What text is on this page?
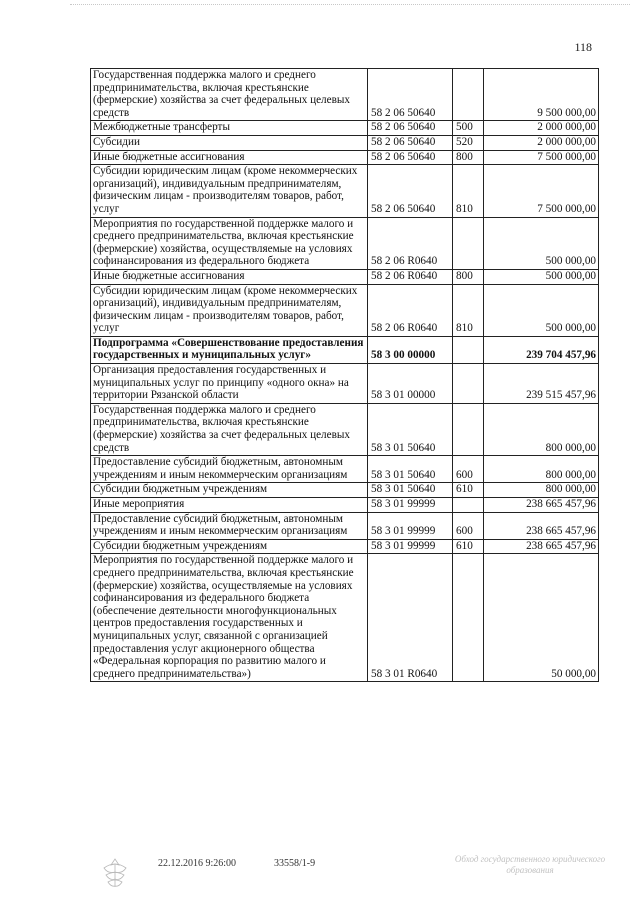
118
Государственная поддержка малого и среднего предпринимательства, включая крестьянские (фермерские) хозяйства за счет федеральных целевых средств	58 2 06 50640		9 500 000,00
Межбюджетные трансферты	58 2 06 50640	500	2 000 000,00
Субсидии	58 2 06 50640	520	2 000 000,00
Иные бюджетные ассигнования	58 2 06 50640	800	7 500 000,00
Субсидии юридическим лицам (кроме некоммерческих организаций), индивидуальным предпринимателям, физическим лицам - производителям товаров, работ, услуг	58 2 06 50640	810	7 500 000,00
Мероприятия по государственной поддержке малого и среднего предпринимательства, включая крестьянские (фермерские) хозяйства, осуществляемые на условиях софинансирования из федерального бюджета	58 2 06 R0640		500 000,00
Иные бюджетные ассигнования	58 2 06 R0640	800	500 000,00
Субсидии юридическим лицам (кроме некоммерческих организаций), индивидуальным предпринимателям, физическим лицам - производителям товаров, работ, услуг	58 2 06 R0640	810	500 000,00
Подпрограмма «Совершенствование предоставления государственных и муниципальных услуг»	58 3 00 00000		239 704 457,96
Организация предоставления государственных и муниципальных услуг по принципу «одного окна» на территории Рязанской области	58 3 01 00000		239 515 457,96
Государственная поддержка малого и среднего предпринимательства, включая крестьянские (фермерские) хозяйства за счет федеральных целевых средств	58 3 01 50640		800 000,00
Предоставление субсидий бюджетным, автономным учреждениям и иным некоммерческим организациям	58 3 01 50640	600	800 000,00
Субсидии бюджетным учреждениям	58 3 01 50640	610	800 000,00
Иные мероприятия	58 3 01 99999		238 665 457,96
Предоставление субсидий бюджетным, автономным учреждениям и иным некоммерческим организациям	58 3 01 99999	600	238 665 457,96
Субсидии бюджетным учреждениям	58 3 01 99999	610	238 665 457,96
Мероприятия по государственной поддержке малого и среднего предпринимательства, включая крестьянские (фермерские) хозяйства, осуществляемые на условиях софинансирования из федерального бюджета (обеспечение деятельности многофункциональных центров предоставления государственных и муниципальных услуг, связанной с организацией предоставления услуг акционерного общества «Федеральная корпорация по развитию малого и среднего предпринимательства»)	58 3 01 R0640		50 000,00
22.12.2016 9:26:00	33558/1-9	Обход государственного юридического образования
